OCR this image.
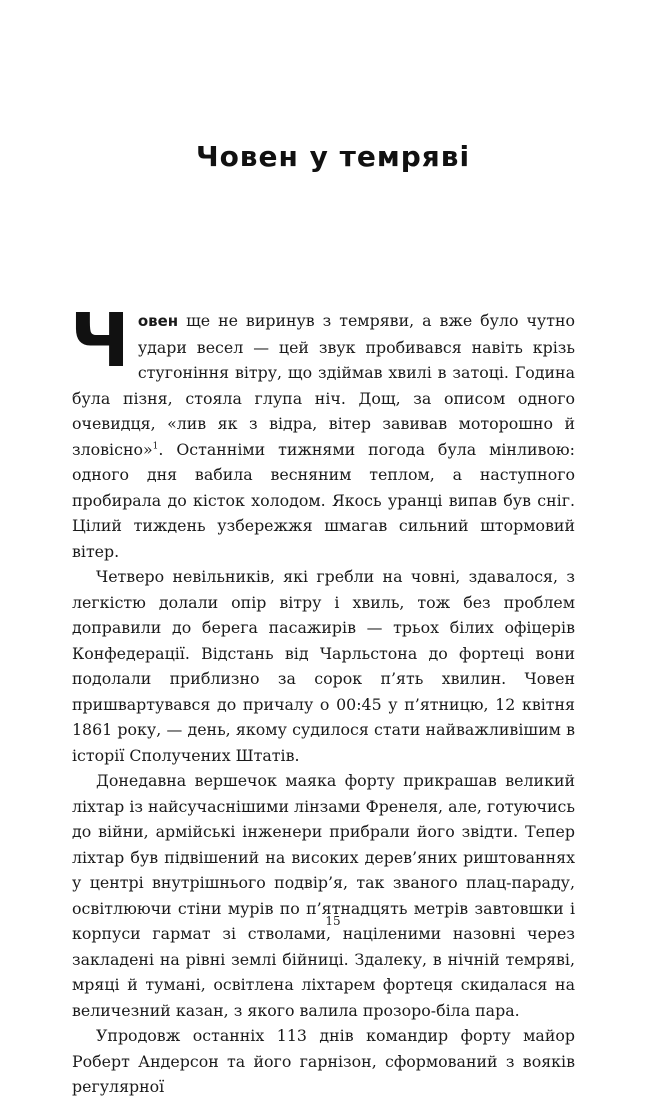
Човен у темряві

Човен ще не виринув з темряви, а вже було чутно удари весел — цей звук пробивався навіть крізь стугоніння вітру, що здіймав хвилі в затоці. Година була пізня, стояла глупа ніч. Дощ, за описом одного очевидця, «лив як з відра, вітер завивав моторошно й зловісно»$^1$. Останніми тижнями погода була мінливою: одного дня вабила весняним теплом, а наступного пробирала до кісток холодом. Якось уранці випав був сніг. Цілий тиждень узбережжя шмагав сильний штормовий вітер.

Четверо невільників, які гребли на човні, здавалося, з легкістю долали опір вітру і хвиль, тож без проблем доправили до берега пасажирів — трьох білих офіцерів Конфедерації. Відстань від Чарльстона до фортеці вони подолали приблизно за сорок п’ять хвилин. Човен пришвартувався до причалу о 00:45 у п’ятницю, 12 квітня 1861 року, — день, якому судилося стати найважливішим в історії Сполучених Штатів.

Донедавна вершечок маяка форту прикрашав великий ліхтар із найсучаснішими лінзами Френеля, але, готуючись до війни, армійські інженери прибрали його звідти. Тепер ліхтар був підвішений на високих дерев’яних риштованнях у центрі внутрішнього подвір’я, так званого плац-параду, освітлюючи стіни мурів по п’ятнадцять метрів завтовшки і корпуси гармат зі стволами, націленими назовні через закладені на рівні землі бійниці. Здалеку, в нічній темряві, мряці й тумані, освітлена ліхтарем фортеця скидалася на величезний казан, з якого валила прозоро-біла пара.

Упродовж останніх 113 днів командир форту майор Роберт Андерсон та його гарнізон, сформований з вояків регулярної

15
